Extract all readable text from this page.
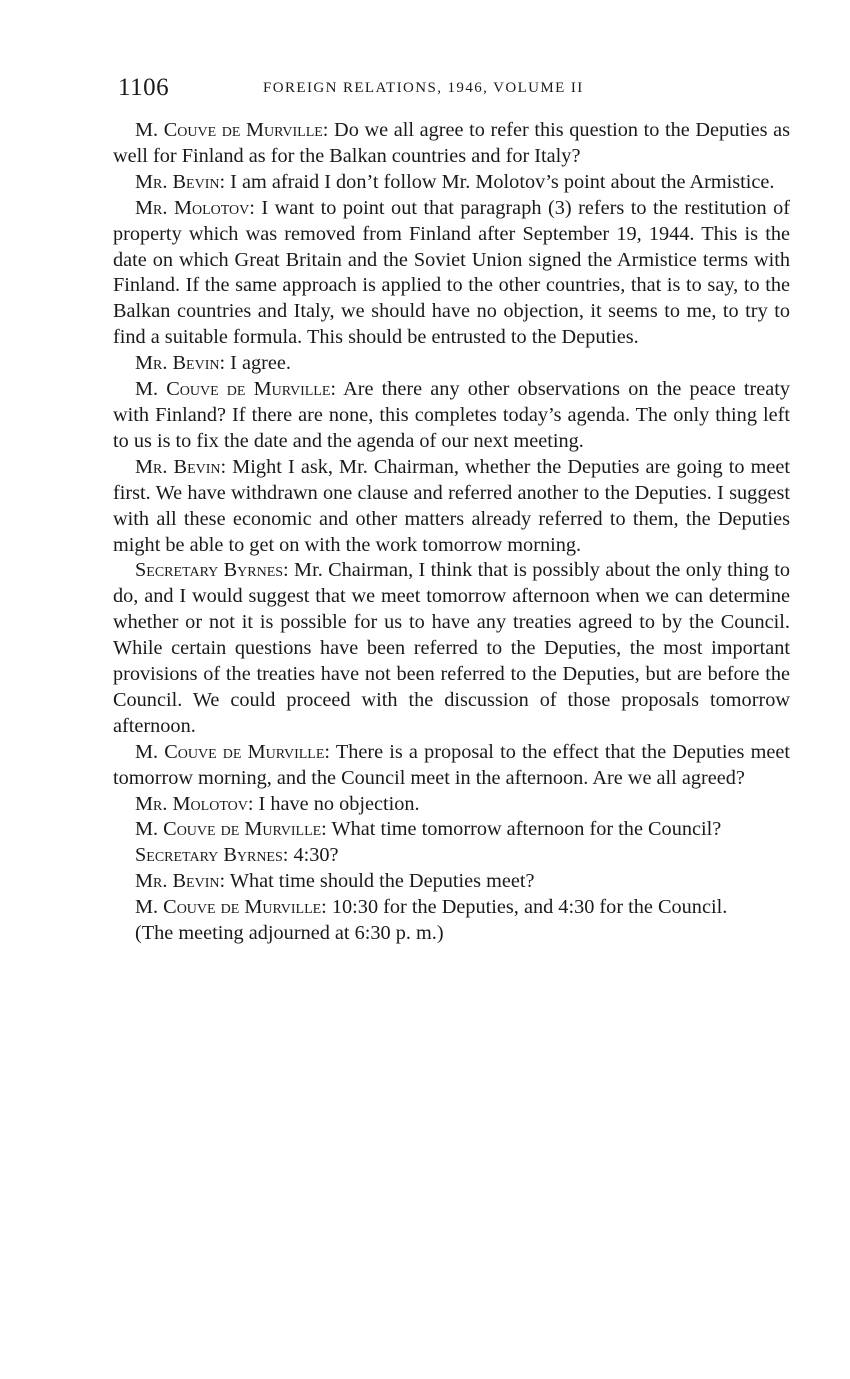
1106	FOREIGN RELATIONS, 1946, VOLUME II

M. Couve de Murville: Do we all agree to refer this question to the Deputies as well for Finland as for the Balkan countries and for Italy?

Mr. Bevin: I am afraid I don’t follow Mr. Molotov’s point about the Armistice.

Mr. Molotov: I want to point out that paragraph (3) refers to the restitution of property which was removed from Finland after September 19, 1944. This is the date on which Great Britain and the Soviet Union signed the Armistice terms with Finland. If the same approach is applied to the other countries, that is to say, to the Balkan countries and Italy, we should have no objection, it seems to me, to try to find a suitable formula. This should be entrusted to the Deputies.

Mr. Bevin: I agree.

M. Couve de Murville: Are there any other observations on the peace treaty with Finland? If there are none, this completes today’s agenda. The only thing left to us is to fix the date and the agenda of our next meeting.

Mr. Bevin: Might I ask, Mr. Chairman, whether the Deputies are going to meet first. We have withdrawn one clause and referred another to the Deputies. I suggest with all these economic and other matters already referred to them, the Deputies might be able to get on with the work tomorrow morning.

Secretary Byrnes: Mr. Chairman, I think that is possibly about the only thing to do, and I would suggest that we meet tomorrow afternoon when we can determine whether or not it is possible for us to have any treaties agreed to by the Council. While certain questions have been referred to the Deputies, the most important provisions of the treaties have not been referred to the Deputies, but are before the Council. We could proceed with the discussion of those proposals tomorrow afternoon.

M. Couve de Murville: There is a proposal to the effect that the Deputies meet tomorrow morning, and the Council meet in the afternoon. Are we all agreed?

Mr. Molotov: I have no objection.

M. Couve de Murville: What time tomorrow afternoon for the Council?

Secretary Byrnes: 4:30?

Mr. Bevin: What time should the Deputies meet?

M. Couve de Murville: 10:30 for the Deputies, and 4:30 for the Council.

(The meeting adjourned at 6:30 p. m.)
